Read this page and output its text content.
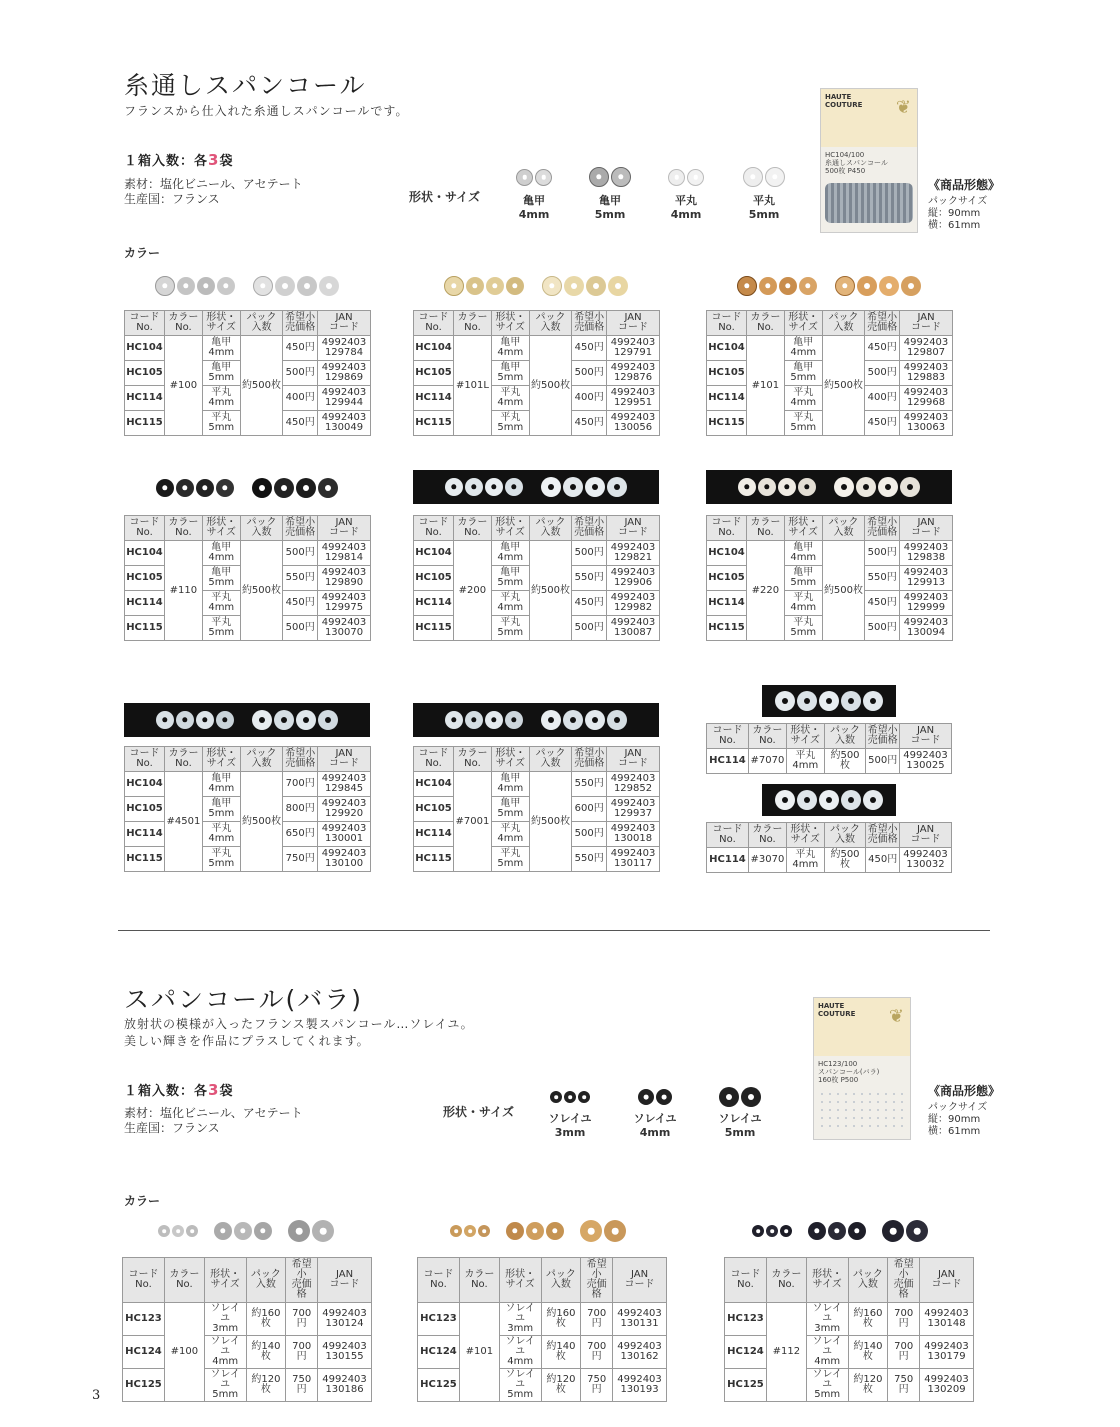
糸通しスパンコール
フランスから仕入れた糸通しスパンコールです。
１箱入数：各3袋
素材：塩化ビニール、アセテート
生産国：フランス	形状・サイズ	亀甲
4mm
亀甲
5mm
平丸
4mm
平丸
5mm
HAUTE COUTURE	❦
HC104/100
糸通しスパンコール
500枚 P450
《商品形態》
パックサイズ
縦：90mm
横：61mm
カラー
コード
No.	カラー
No.	形状・
サイズ	パック
入数	希望小
売価格	JAN
コード
HC104	#100	亀甲
4mm	約500枚	450円	4992403
129784
HC105		亀甲
5mm		500円	4992403
129869
HC114		平丸
4mm		400円	4992403
129944
HC115		平丸
5mm		450円	4992403
130049
コード
No.	カラー
No.	形状・
サイズ	パック
入数	希望小
売価格	JAN
コード
HC104	#101L	亀甲
4mm	約500枚	450円	4992403
129791
HC105		亀甲
5mm		500円	4992403
129876
HC114		平丸
4mm		400円	4992403
129951
HC115		平丸
5mm		450円	4992403
130056
コード
No.	カラー
No.	形状・
サイズ	パック
入数	希望小
売価格	JAN
コード
HC104	#101	亀甲
4mm	約500枚	450円	4992403
129807
HC105		亀甲
5mm		500円	4992403
129883
HC114		平丸
4mm		400円	4992403
129968
HC115		平丸
5mm		450円	4992403
130063
コード
No.	カラー
No.	形状・
サイズ	パック
入数	希望小
売価格	JAN
コード
HC104	#110	亀甲
4mm	約500枚	500円	4992403
129814
HC105		亀甲
5mm		550円	4992403
129890
HC114		平丸
4mm		450円	4992403
129975
HC115		平丸
5mm		500円	4992403
130070
コード
No.	カラー
No.	形状・
サイズ	パック
入数	希望小
売価格	JAN
コード
HC104	#200	亀甲
4mm	約500枚	500円	4992403
129821
HC105		亀甲
5mm		550円	4992403
129906
HC114		平丸
4mm		450円	4992403
129982
HC115		平丸
5mm		500円	4992403
130087
コード
No.	カラー
No.	形状・
サイズ	パック
入数	希望小
売価格	JAN
コード
HC104	#220	亀甲
4mm	約500枚	500円	4992403
129838
HC105		亀甲
5mm		550円	4992403
129913
HC114		平丸
4mm		450円	4992403
129999
HC115		平丸
5mm		500円	4992403
130094
コード
No.	カラー
No.	形状・
サイズ	パック
入数	希望小
売価格	JAN
コード
HC104	#4501	亀甲
4mm	約500枚	700円	4992403
129845
HC105		亀甲
5mm		800円	4992403
129920
HC114		平丸
4mm		650円	4992403
130001
HC115		平丸
5mm		750円	4992403
130100
コード
No.	カラー
No.	形状・
サイズ	パック
入数	希望小
売価格	JAN
コード
HC104	#7001	亀甲
4mm	約500枚	550円	4992403
129852
HC105		亀甲
5mm		600円	4992403
129937
HC114		平丸
4mm		500円	4992403
130018
HC115		平丸
5mm		550円	4992403
130117
コード
No.	カラー
No.	形状・
サイズ	パック
入数	希望小
売価格	JAN
コード
HC114	#7070	平丸
4mm	約500枚	500円	4992403
130025
コード
No.	カラー
No.	形状・
サイズ	パック
入数	希望小
売価格	JAN
コード
HC114	#3070	平丸
4mm	約500枚	450円	4992403
130032
スパンコール(バラ)
放射状の模様が入ったフランス製スパンコール…ソレイユ。
美しい輝きを作品にプラスしてくれます。
１箱入数：各3袋
素材：塩化ビニール、アセテート
生産国：フランス
形状・サイズ	ソレイユ
3mm
ソレイユ
4mm
ソレイユ
5mm
HAUTE COUTURE	❦
HC123/100
スパンコール(バラ)
160枚 P500
《商品形態》
パックサイズ
縦：90mm
横：61mm
カラー
コード
No.	カラー
No.	形状・
サイズ	パック
入数	希望小
売価格	JAN
コード
HC123	#100	ソレイユ
3mm	約160枚	700円	4992403
130124
HC124		ソレイユ
4mm	約140枚	700円	4992403
130155
HC125		ソレイユ
5mm	約120枚	750円	4992403
130186
コード
No.	カラー
No.	形状・
サイズ	パック
入数	希望小
売価格	JAN
コード
HC123	#101	ソレイユ
3mm	約160枚	700円	4992403
130131
HC124		ソレイユ
4mm	約140枚	700円	4992403
130162
HC125		ソレイユ
5mm	約120枚	750円	4992403
130193
コード
No.	カラー
No.	形状・
サイズ	パック
入数	希望小
売価格	JAN
コード
HC123	#112	ソレイユ
3mm	約160枚	700円	4992403
130148
HC124		ソレイユ
4mm	約140枚	700円	4992403
130179
HC125		ソレイユ
5mm	約120枚	750円	4992403
130209
3
